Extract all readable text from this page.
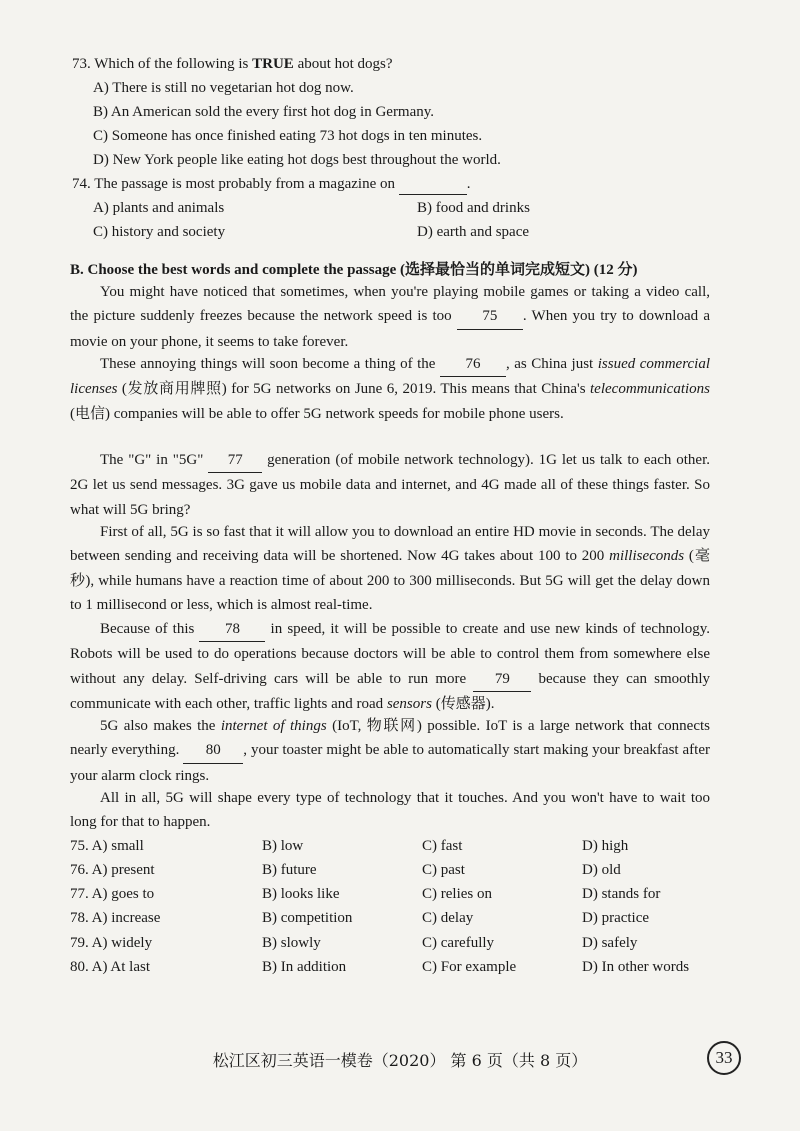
73. Which of the following is TRUE about hot dogs?
A) There is still no vegetarian hot dog now.
B) An American sold the every first hot dog in Germany.
C) Someone has once finished eating 73 hot dogs in ten minutes.
D) New York people like eating hot dogs best throughout the world.
74. The passage is most probably from a magazine on	.
A) plants and animals	B) food and drinks
C) history and society	D) earth and space
B. Choose the best words and complete the passage (选择最恰当的单词完成短文) (12 分)
You might have noticed that sometimes, when you're playing mobile games or taking a video call, the picture suddenly freezes because the network speed is too 75 . When you try to download a movie on your phone, it seems to take forever.
These annoying things will soon become a thing of the 76 , as China just issued commercial licenses (发放商用牌照) for 5G networks on June 6, 2019. This means that China's telecommunications (电信) companies will be able to offer 5G network speeds for mobile phone users.
The "G" in "5G" 77 generation (of mobile network technology). 1G let us talk to each other. 2G let us send messages. 3G gave us mobile data and internet, and 4G made all of these things faster. So what will 5G bring?
First of all, 5G is so fast that it will allow you to download an entire HD movie in seconds. The delay between sending and receiving data will be shortened. Now 4G takes about 100 to 200 milliseconds (毫秒), while humans have a reaction time of about 200 to 300 milliseconds. But 5G will get the delay down to 1 millisecond or less, which is almost real-time.
Because of this 78 in speed, it will be possible to create and use new kinds of technology. Robots will be used to do operations because doctors will be able to control them from somewhere else without any delay. Self-driving cars will be able to run more 79 because they can smoothly communicate with each other, traffic lights and road sensors (传感器).
5G also makes the internet of things (IoT, 物联网) possible. IoT is a large network that connects nearly everything. 80 , your toaster might be able to automatically start making your breakfast after your alarm clock rings.
All in all, 5G will shape every type of technology that it touches. And you won't have to wait too long for that to happen.
75. A) small	B) low	C) fast	D) high
76. A) present	B) future	C) past	D) old
77. A) goes to	B) looks like	C) relies on	D) stands for
78. A) increase	B) competition	C) delay	D) practice
79. A) widely	B) slowly	C) carefully	D) safely
80. A) At last	B) In addition	C) For example	D) In other words
松江区初三英语一模卷（2020） 第 6 页（共 8 页）	33
